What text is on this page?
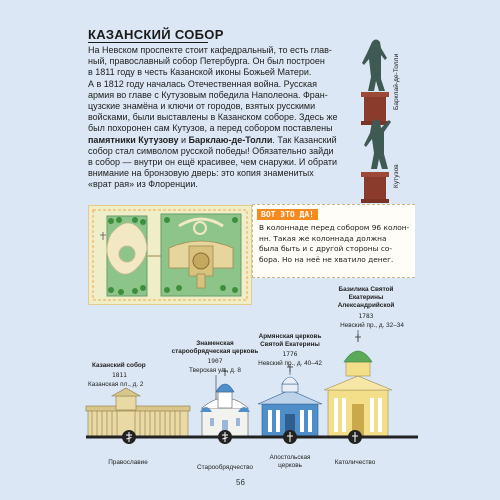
КАЗАНСКИЙ СОБОР
На Невском проспекте стоит кафедральный, то есть глав-
ный, православный собор Петербурга. Он был построен
в 1811 году в честь Казанской иконы Божьей Матери.
А в 1812 году началась Отечественная война. Русская
армия во главе с Кутузовым победила Наполеона. Фран-
цузские знамёна и ключи от городов, взятых русскими
войсками, были выставлены в Казанском соборе. Здесь же
был похоронен сам Кутузов, а перед собором поставлены
памятники Кутузову и Барклаю-де-Толли. Так Казанский
собор стал символом русской победы! Обязательно зайди
в собор — внутри он ещё красивее, чем снаружи. И обрати
внимание на бронзовую дверь: это копия знаменитых
«врат рая» из Флоренции.
Барклай-де-Толли
Кутузов
ВОТ ЭТО ДА!
В колоннаде перед собором 96 колон-
нн. Такая же колоннада должна
была быть и с другой стороны со-
бора. Но на неё не хватило денег.
Казанский собор
1811
Казанская пл., д. 2
Знаменская
старообрядческая церковь
1907
Тверская ул., д. 8
Армянская церковь
Святой Екатерины
1776
Невский пр., д. 40–42
Базилика Святой
Екатерины
Александрийской
1783
Невский пр., д. 32–34
Православие
Старообрядчество
Апостольская
церковь	Католичество
56
